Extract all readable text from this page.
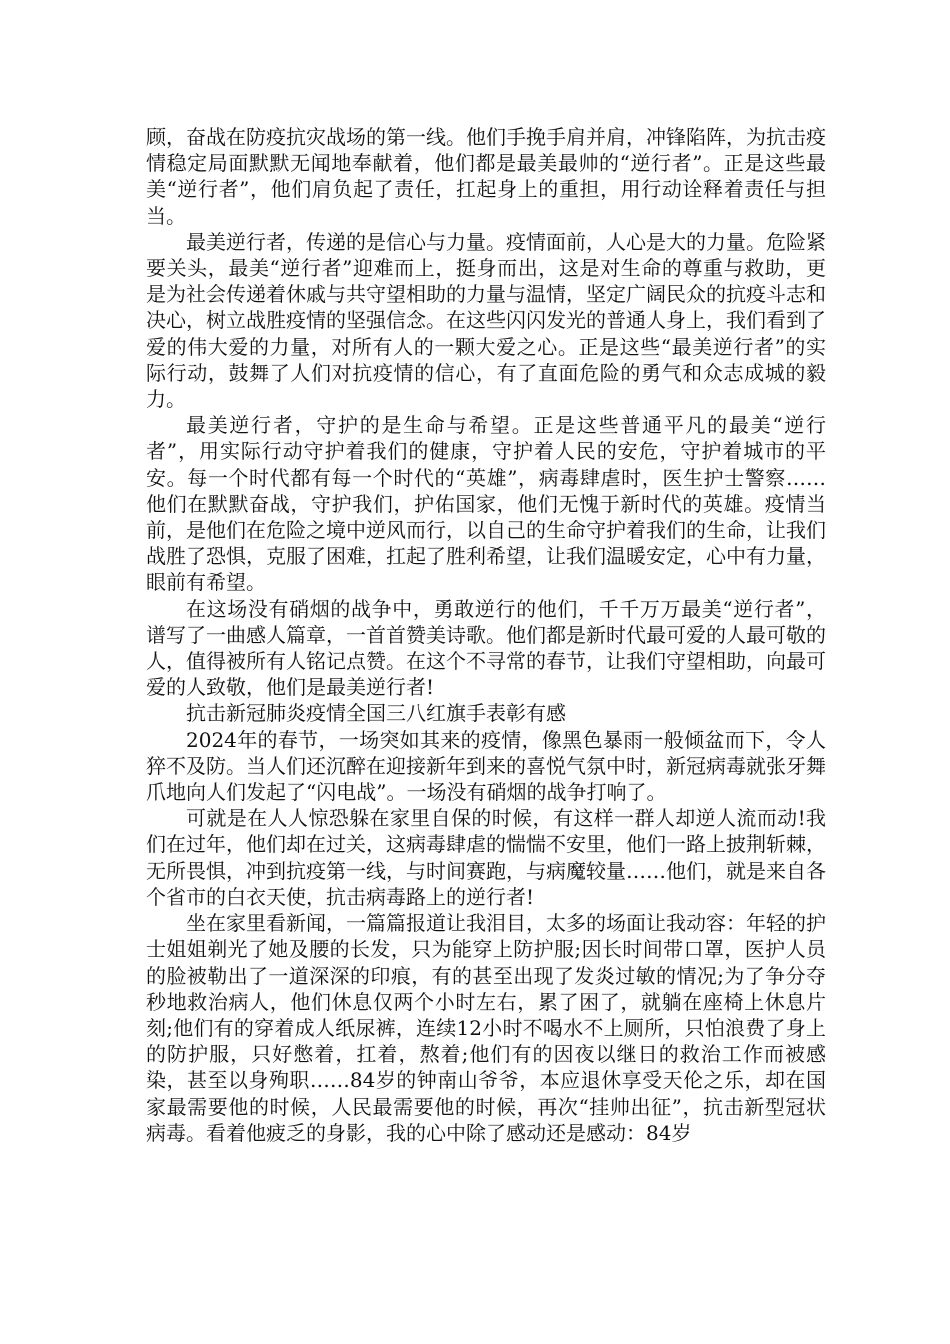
顾，奋战在防疫抗灾战场的第一线。他们手挽手肩并肩，冲锋陷阵，为抗击疫情稳定局面默默无闻地奉献着，他们都是最美最帅的“逆行者”。正是这些最美“逆行者”，他们肩负起了责任，扛起身上的重担，用行动诠释着责任与担当。

最美逆行者，传递的是信心与力量。疫情面前，人心是大的力量。危险紧要关头，最美“逆行者”迎难而上，挺身而出，这是对生命的尊重与救助，更是为社会传递着休戚与共守望相助的力量与温情，坚定广阔民众的抗疫斗志和决心，树立战胜疫情的坚强信念。在这些闪闪发光的普通人身上，我们看到了爱的伟大爱的力量，对所有人的一颗大爱之心。正是这些“最美逆行者”的实际行动，鼓舞了人们对抗疫情的信心，有了直面危险的勇气和众志成城的毅力。

最美逆行者，守护的是生命与希望。正是这些普通平凡的最美“逆行者”，用实际行动守护着我们的健康，守护着人民的安危，守护着城市的平安。每一个时代都有每一个时代的“英雄”，病毒肆虐时，医生护士警察……他们在默默奋战，守护我们，护佑国家，他们无愧于新时代的英雄。疫情当前，是他们在危险之境中逆风而行，以自己的生命守护着我们的生命，让我们战胜了恐惧，克服了困难，扛起了胜利希望，让我们温暖安定，心中有力量，眼前有希望。

在这场没有硝烟的战争中，勇敢逆行的他们，千千万万最美“逆行者”，谱写了一曲感人篇章，一首首赞美诗歌。他们都是新时代最可爱的人最可敬的人，值得被所有人铭记点赞。在这个不寻常的春节，让我们守望相助，向最可爱的人致敬，他们是最美逆行者!

抗击新冠肺炎疫情全国三八红旗手表彰有感

2024年的春节，一场突如其来的疫情，像黑色暴雨一般倾盆而下，令人猝不及防。当人们还沉醉在迎接新年到来的喜悦气氛中时，新冠病毒就张牙舞爪地向人们发起了“闪电战”。一场没有硝烟的战争打响了。

可就是在人人惊恐躲在家里自保的时候，有这样一群人却逆人流而动!我们在过年，他们却在过关，这病毒肆虐的惴惴不安里，他们一路上披荆斩棘，无所畏惧，冲到抗疫第一线，与时间赛跑，与病魔较量……他们，就是来自各个省市的白衣天使，抗击病毒路上的逆行者!

坐在家里看新闻，一篇篇报道让我泪目，太多的场面让我动容：年轻的护士姐姐剃光了她及腰的长发，只为能穿上防护服;因长时间带口罩，医护人员的脸被勒出了一道深深的印痕，有的甚至出现了发炎过敏的情况;为了争分夺秒地救治病人，他们休息仅两个小时左右，累了困了，就躺在座椅上休息片刻;他们有的穿着成人纸尿裤，连续12小时不喝水不上厕所，只怕浪费了身上的防护服，只好憋着，扛着，熬着;他们有的因夜以继日的救治工作而被感染，甚至以身殉职……84岁的钟南山爷爷，本应退休享受天伦之乐，却在国家最需要他的时候，人民最需要他的时候，再次“挂帅出征”，抗击新型冠状病毒。看着他疲乏的身影，我的心中除了感动还是感动：84岁
